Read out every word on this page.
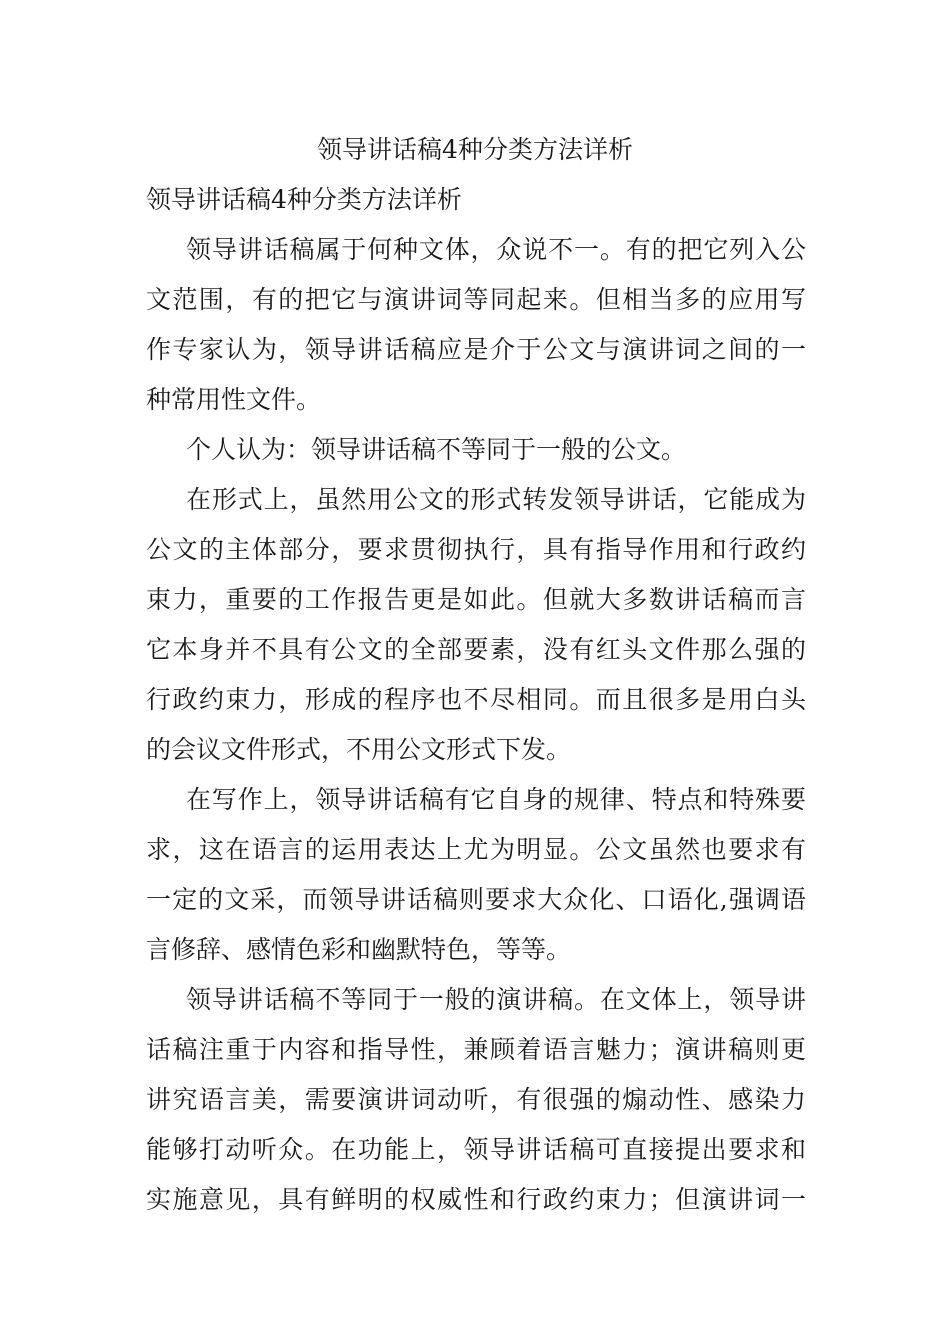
领导讲话稿4种分类方法详析
领导讲话稿4种分类方法详析
领导讲话稿属于何种文体，众说不一。有的把它列入公
文范围，有的把它与演讲词等同起来。但相当多的应用写
作专家认为，领导讲话稿应是介于公文与演讲词之间的一
种常用性文件。
个人认为：领导讲话稿不等同于一般的公文。
在形式上，虽然用公文的形式转发领导讲话，它能成为
公文的主体部分，要求贯彻执行，具有指导作用和行政约
束力，重要的工作报告更是如此。但就大多数讲话稿而言
它本身并不具有公文的全部要素，没有红头文件那么强的
行政约束力，形成的程序也不尽相同。而且很多是用白头
的会议文件形式，不用公文形式下发。
在写作上，领导讲话稿有它自身的规律、特点和特殊要
求，这在语言的运用表达上尤为明显。公文虽然也要求有
一定的文采，而领导讲话稿则要求大众化、口语化,强调语
言修辞、感情色彩和幽默特色，等等。
领导讲话稿不等同于一般的演讲稿。在文体上，领导讲
话稿注重于内容和指导性，兼顾着语言魅力；演讲稿则更
讲究语言美，需要演讲词动听，有很强的煽动性、感染力
能够打动听众。在功能上，领导讲话稿可直接提出要求和
实施意见，具有鲜明的权威性和行政约束力；但演讲词一
